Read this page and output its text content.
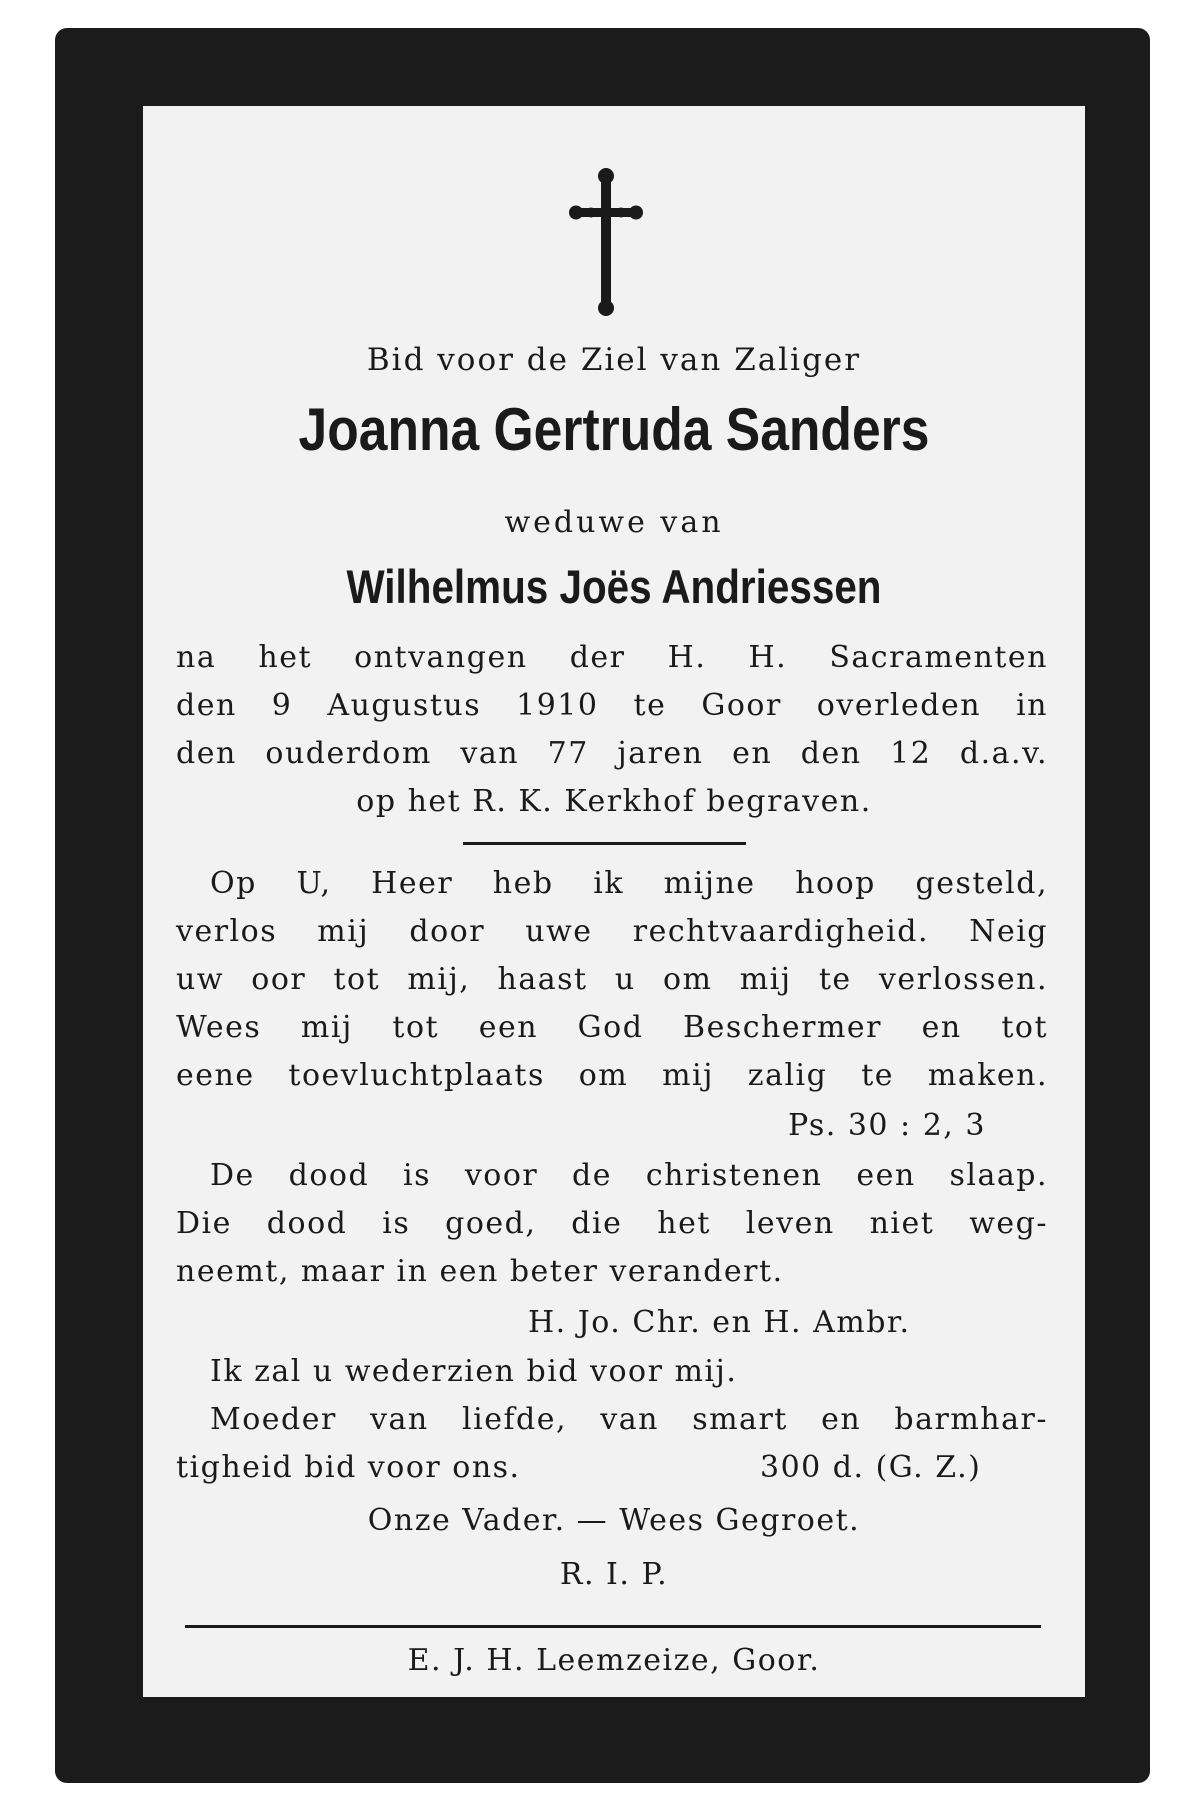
Bid voor de Ziel van Zaliger

Joanna Gertruda Sanders

weduwe van

Wilhelmus Joës Andriessen

na het ontvangen der H. H. Sacramenten

den 9 Augustus 1910 te Goor overleden in

den ouderdom van 77 jaren en den 12 d.a.v.

op het R. K. Kerkhof begraven.

Op U, Heer heb ik mijne hoop gesteld,

verlos mij door uwe rechtvaardigheid. Neig

uw oor tot mij, haast u om mij te verlossen.

Wees mij tot een God Beschermer en tot

eene toevluchtplaats om mij zalig te maken.

Ps. 30 : 2, 3

De dood is voor de christenen een slaap.

Die dood is goed, die het leven niet weg-

neemt, maar in een beter verandert.

H. Jo. Chr. en H. Ambr.

Ik zal u wederzien bid voor mij.

Moeder van liefde, van smart en barmhar-

tigheid bid voor ons.	300 d. (G. Z.)

Onze Vader. — Wees Gegroet.

R. I. P.

E. J. H. Leemzeize, Goor.
